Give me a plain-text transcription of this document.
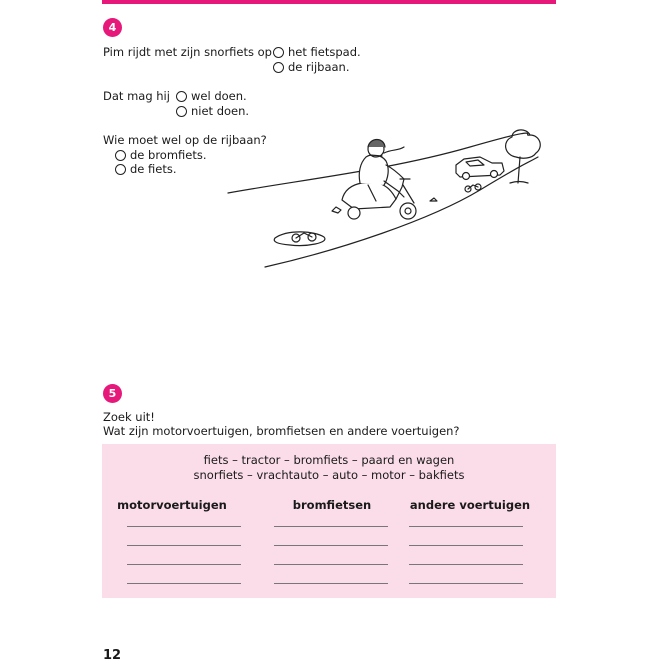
4
Pim rijdt met zijn snorfiets op het fietspad.
de rijbaan.
Dat mag hij wel doen.
niet doen.
Wie moet wel op de rijbaan?
de bromfiets.
de fiets.
5
Zoek uit!
Wat zijn motorvoertuigen, bromfietsen en andere voertuigen?
fiets – tractor – bromfiets – paard en wagen
snorfiets – vrachtauto – auto – motor – bakfiets
motorvoertuigen	bromfietsen	andere voertuigen
12
